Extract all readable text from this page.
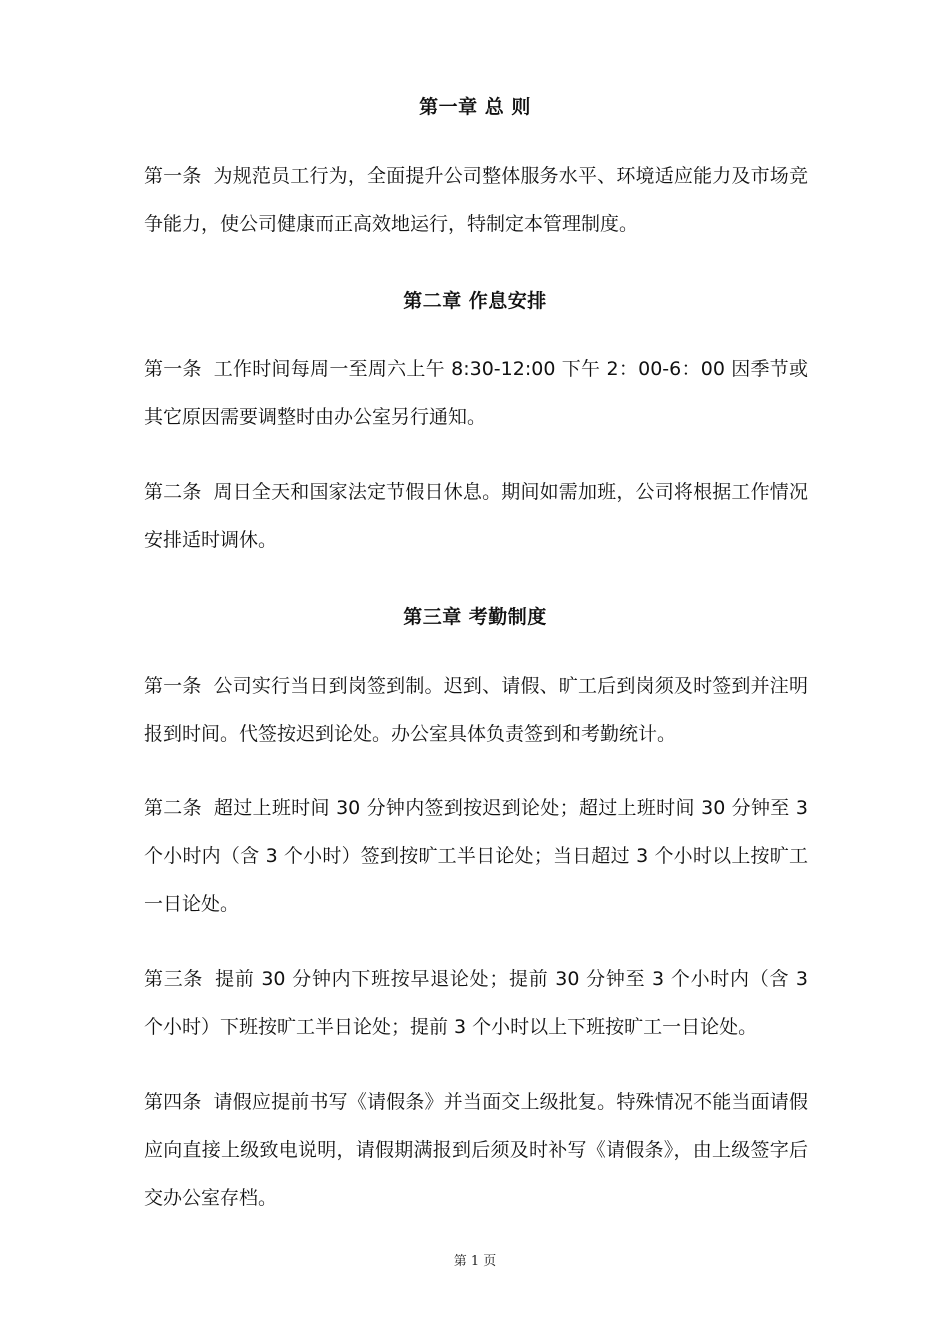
第一章 总 则
第一条 为规范员工行为，全面提升公司整体服务水平、环境适应能力及市场竞争能力，使公司健康而正高效地运行，特制定本管理制度。
第二章 作息安排
第一条 工作时间每周一至周六上午 8:30-12:00 下午 2：00-6：00 因季节或其它原因需要调整时由办公室另行通知。
第二条 周日全天和国家法定节假日休息。期间如需加班，公司将根据工作情况安排适时调休。
第三章 考勤制度
第一条 公司实行当日到岗签到制。迟到、请假、旷工后到岗须及时签到并注明报到时间。代签按迟到论处。办公室具体负责签到和考勤统计。
第二条 超过上班时间 30 分钟内签到按迟到论处；超过上班时间 30 分钟至 3 个小时内（含 3 个小时）签到按旷工半日论处；当日超过 3 个小时以上按旷工一日论处。
第三条 提前 30 分钟内下班按早退论处；提前 30 分钟至 3 个小时内（含 3 个小时）下班按旷工半日论处；提前 3 个小时以上下班按旷工一日论处。
第四条 请假应提前书写《请假条》并当面交上级批复。特殊情况不能当面请假应向直接上级致电说明，请假期满报到后须及时补写《请假条》，由上级签字后交办公室存档。
第 1 页
